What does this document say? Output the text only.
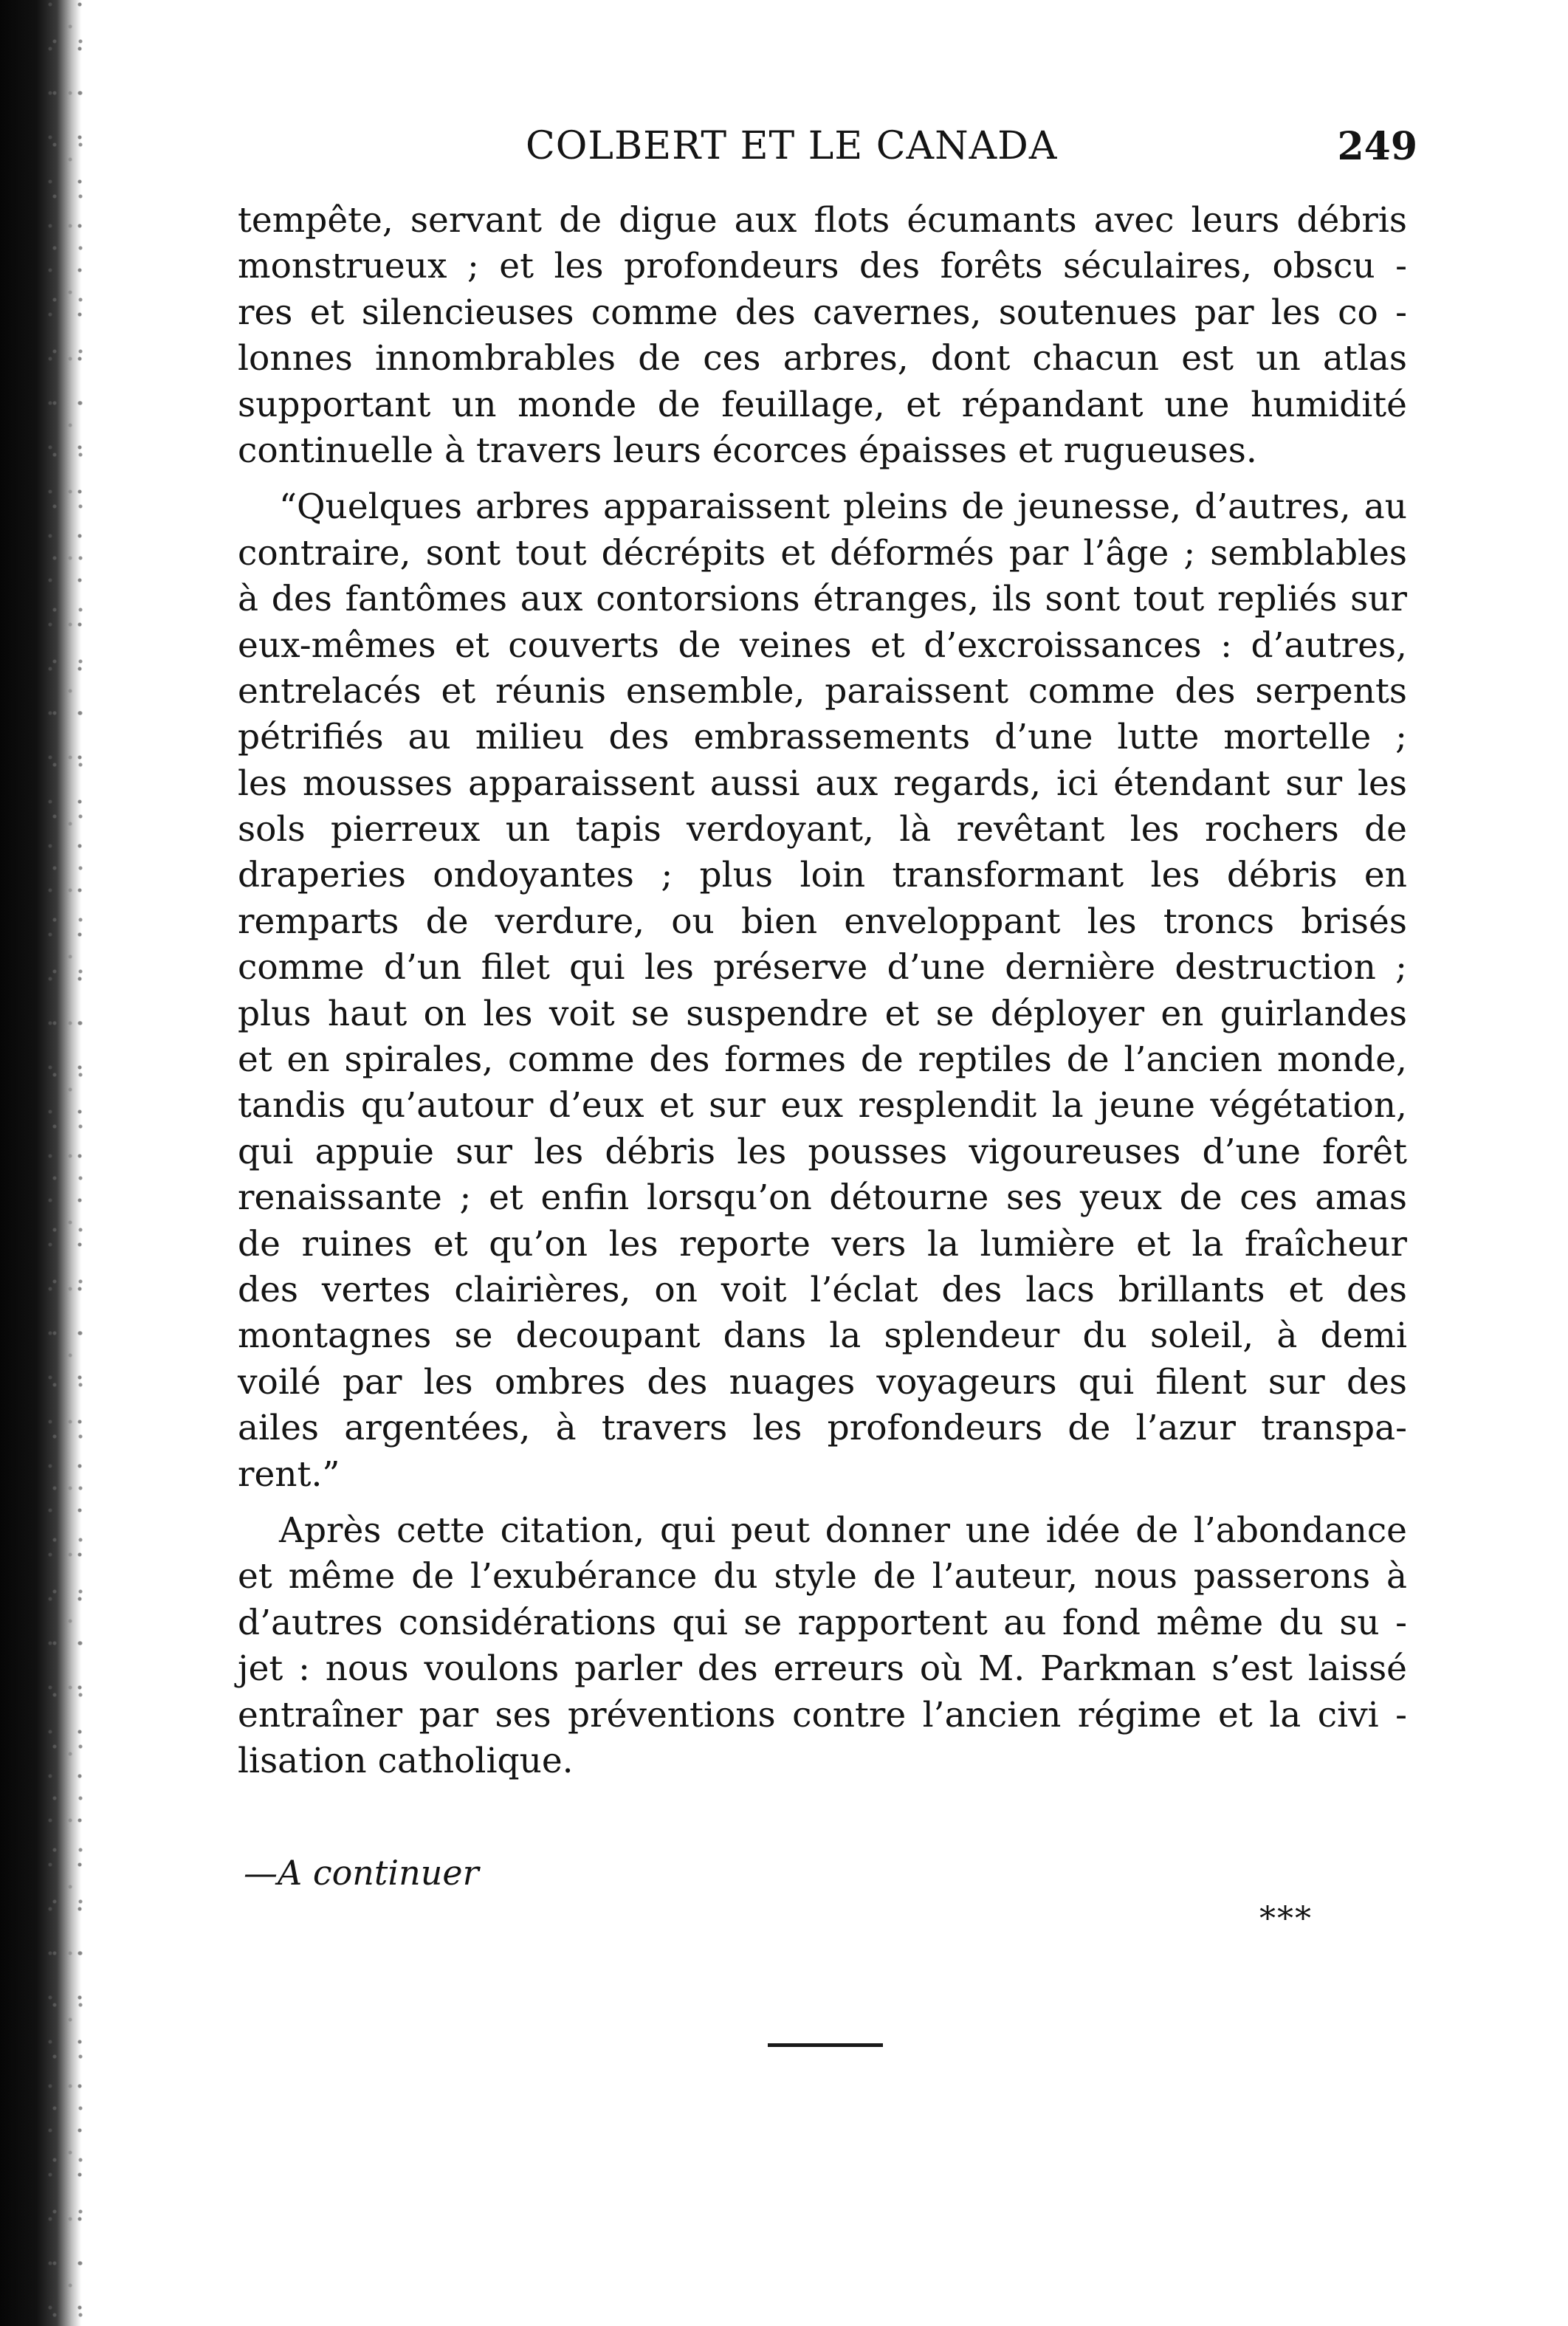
COLBERT ET LE CANADA	249
tempête, servant de digue aux flots écumants avec leurs débris
monstrueux ; et les profondeurs des forêts séculaires, obscu -
res et silencieuses comme des cavernes, soutenues par les co -
lonnes innombrables de ces arbres, dont chacun est un atlas
supportant un monde de feuillage, et répandant une humidité
continuelle à travers leurs écorces épaisses et rugueuses.
“Quelques arbres apparaissent pleins de jeunesse, d’autres, au
contraire, sont tout décrépits et déformés par l’âge ; semblables
à des fantômes aux contorsions étranges, ils sont tout repliés sur
eux-mêmes et couverts de veines et d’excroissances : d’autres,
entrelacés et réunis ensemble, paraissent comme des serpents
pétrifiés au milieu des embrassements d’une lutte mortelle ;
les mousses apparaissent aussi aux regards, ici étendant sur les
sols pierreux un tapis verdoyant, là revêtant les rochers de
draperies ondoyantes ; plus loin transformant les débris en
remparts de verdure, ou bien enveloppant les troncs brisés
comme d’un filet qui les préserve d’une dernière destruction ;
plus haut on les voit se suspendre et se déployer en guirlandes
et en spirales, comme des formes de reptiles de l’ancien monde,
tandis qu’autour d’eux et sur eux resplendit la jeune végétation,
qui appuie sur les débris les pousses vigoureuses d’une forêt
renaissante ; et enfin lorsqu’on détourne ses yeux de ces amas
de ruines et qu’on les reporte vers la lumière et la fraîcheur
des vertes clairières, on voit l’éclat des lacs brillants et des
montagnes se decoupant dans la splendeur du soleil, à demi
voilé par les ombres des nuages voyageurs qui filent sur des
ailes argentées, à travers les profondeurs de l’azur transpa-
rent.”
Après cette citation, qui peut donner une idée de l’abondance
et même de l’exubérance du style de l’auteur, nous passerons à
d’autres considérations qui se rapportent au fond même du su -
jet : nous voulons parler des erreurs où M. Parkman s’est laissé
entraîner par ses préventions contre l’ancien régime et la civi -
lisation catholique.
—A continuer
***
